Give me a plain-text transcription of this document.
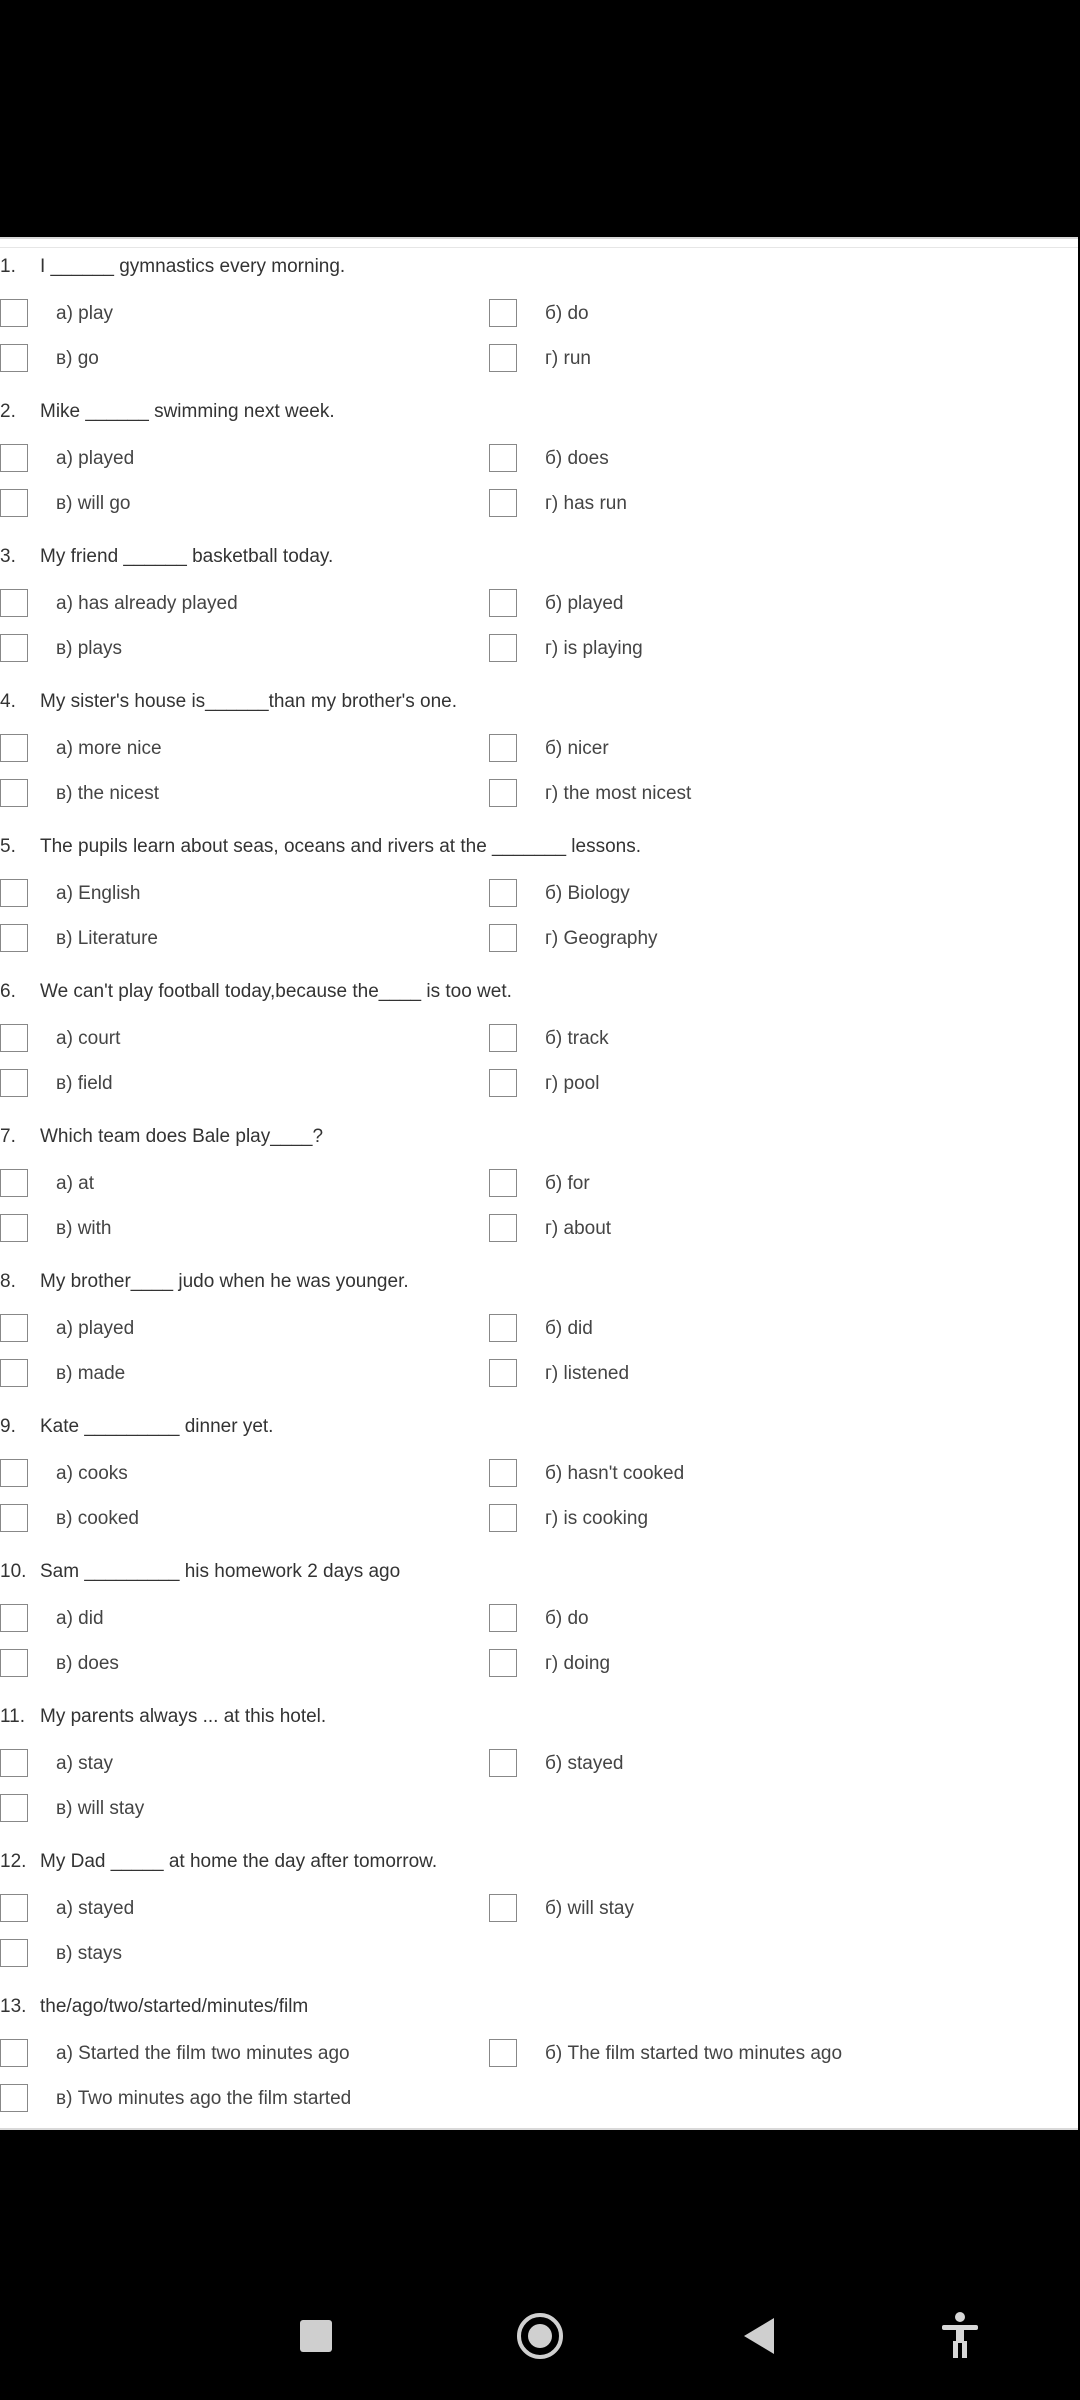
1. I ______ gymnastics every morning.
a) play	б) do
в) go	г) run
2. Mike ______ swimming next week.
a) played	б) does
в) will go	г) has run
3. My friend ______ basketball today.
a) has already played	б) played
в) plays	г) is playing
4. My sister's house is______than my brother's one.
a) more nice	б) nicer
в) the nicest	г) the most nicest
5. The pupils learn about seas, oceans and rivers at the _______ lessons.
a) English	б) Biology
в) Literature	г) Geography
6. We can't play football today,because the____ is too wet.
a) court	б) track
в) field	г) pool
7. Which team does Bale play____?
a) at	б) for
в) with	г) about
8. My brother____ judo when he was younger.
a) played	б) did
в) made	г) listened
9. Kate _________ dinner yet.
a) cooks	б) hasn't cooked
в) cooked	г) is cooking
10. Sam _________ his homework 2 days ago
a) did	б) do
в) does	г) doing
11. My parents always ... at this hotel.
a) stay	б) stayed
в) will stay
12. My Dad _____ at home the day after tomorrow.
a) stayed	б) will stay
в) stays
13. the/ago/two/started/minutes/film
a) Started the film two minutes ago	б) The film started two minutes ago
в) Two minutes ago the film started
